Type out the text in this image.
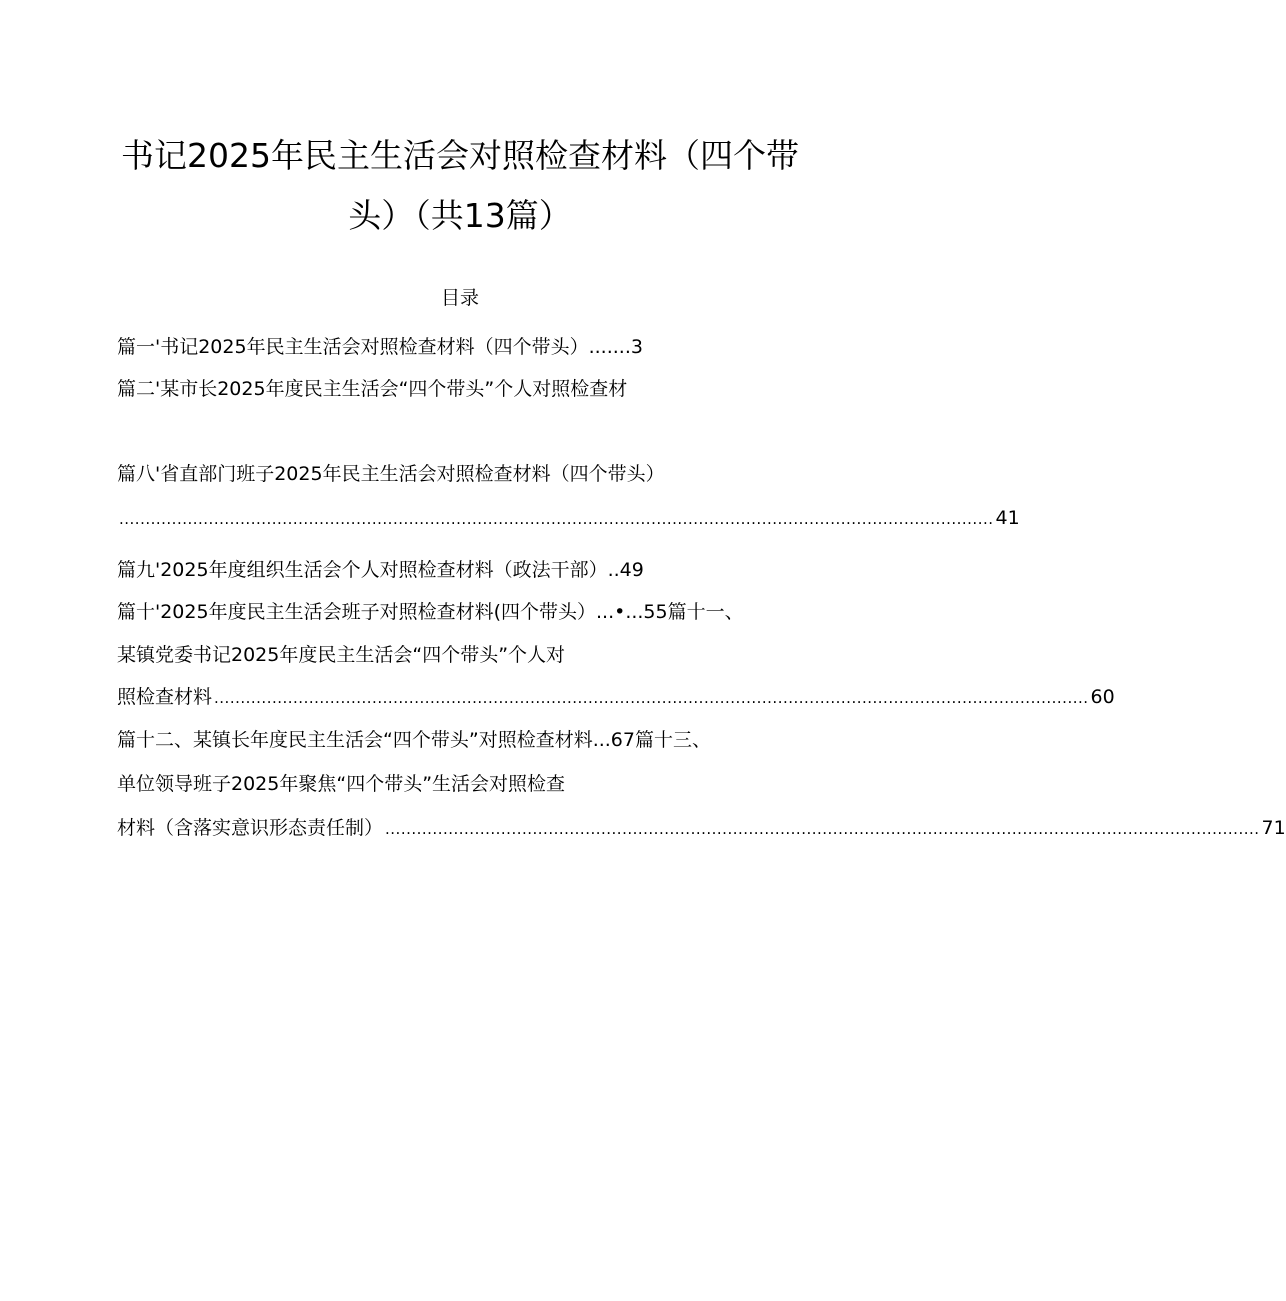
书记2025年民主生活会对照检查材料（四个带
头）（共13篇）
目录
篇一'书记2025年民主生活会对照检查材料（四个带头）.......3
篇二'某市长2025年度民主生活会“四个带头”个人对照检查材
篇八'省直部门班子2025年民主生活会对照检查材料（四个带头）
...................................................................................................................................................................... 41
篇九'2025年度组织生活会个人对照检查材料（政法干部）..49
篇十'2025年度民主生活会班子对照检查材料(四个带头）...•...55篇十一、
某镇党委书记2025年度民主生活会“四个带头”个人对
照检查材料 ...................................................................................................................................................................... 60
篇十二、某镇长年度民主生活会“四个带头”对照检查材料...67篇十三、
单位领导班子2025年聚焦“四个带头”生活会对照检查
材料（含落实意识形态责任制） ...................................................................................................................................................................... 71
